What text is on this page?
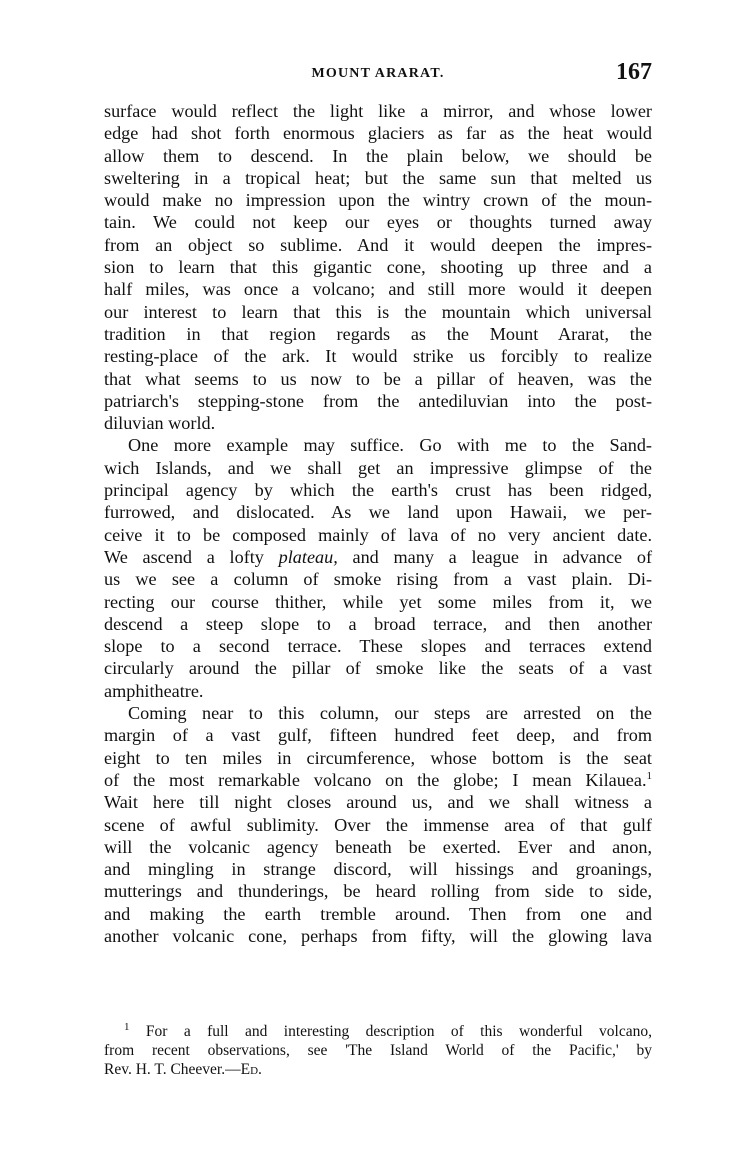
MOUNT ARARAT.	167

surface would reflect the light like a mirror, and whose lower
edge had shot forth enormous glaciers as far as the heat would
allow them to descend. In the plain below, we should be
sweltering in a tropical heat; but the same sun that melted us
would make no impression upon the wintry crown of the moun-
tain. We could not keep our eyes or thoughts turned away
from an object so sublime. And it would deepen the impres-
sion to learn that this gigantic cone, shooting up three and a
half miles, was once a volcano; and still more would it deepen
our interest to learn that this is the mountain which universal
tradition in that region regards as the Mount Ararat, the
resting-place of the ark. It would strike us forcibly to realize
that what seems to us now to be a pillar of heaven, was the
patriarch's stepping-stone from the antediluvian into the post-
diluvian world.

One more example may suffice. Go with me to the Sand-
wich Islands, and we shall get an impressive glimpse of the
principal agency by which the earth's crust has been ridged,
furrowed, and dislocated. As we land upon Hawaii, we per-
ceive it to be composed mainly of lava of no very ancient date.
We ascend a lofty plateau, and many a league in advance of
us we see a column of smoke rising from a vast plain. Di-
recting our course thither, while yet some miles from it, we
descend a steep slope to a broad terrace, and then another
slope to a second terrace. These slopes and terraces extend
circularly around the pillar of smoke like the seats of a vast
amphitheatre.

Coming near to this column, our steps are arrested on the
margin of a vast gulf, fifteen hundred feet deep, and from
eight to ten miles in circumference, whose bottom is the seat
of the most remarkable volcano on the globe; I mean Kilauea.$^1$
Wait here till night closes around us, and we shall witness a
scene of awful sublimity. Over the immense area of that gulf
will the volcanic agency beneath be exerted. Ever and anon,
and mingling in strange discord, will hissings and groanings,
mutterings and thunderings, be heard rolling from side to side,
and making the earth tremble around. Then from one and
another volcanic cone, perhaps from fifty, will the glowing lava

$^1$ For a full and interesting description of this wonderful volcano,
from recent observations, see 'The Island World of the Pacific,' by
Rev. H. T. Cheever.—Ed.
